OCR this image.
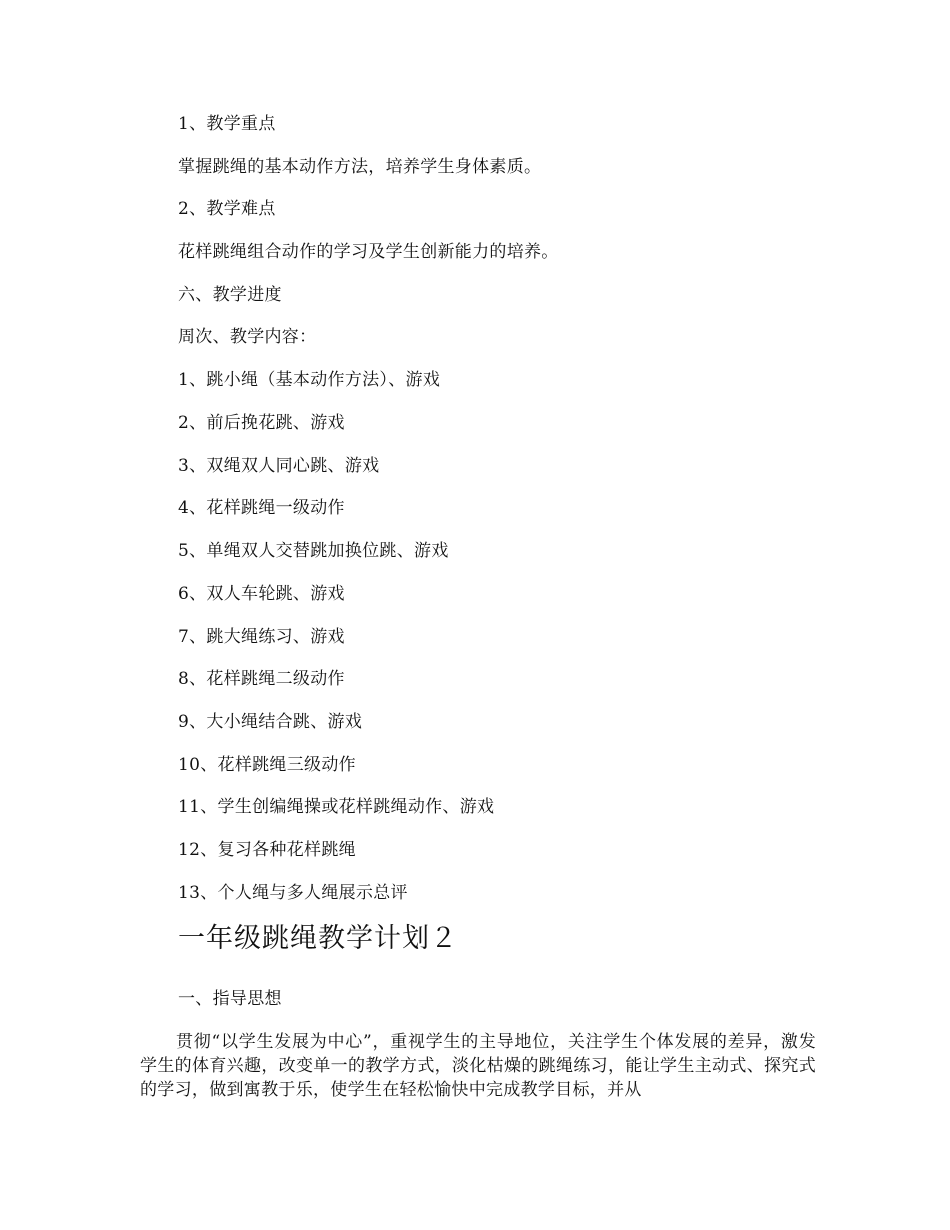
1、教学重点
掌握跳绳的基本动作方法，培养学生身体素质。
2、教学难点
花样跳绳组合动作的学习及学生创新能力的培养。
六、教学进度
周次、教学内容：
1、跳小绳（基本动作方法）、游戏
2、前后挽花跳、游戏
3、双绳双人同心跳、游戏
4、花样跳绳一级动作
5、单绳双人交替跳加换位跳、游戏
6、双人车轮跳、游戏
7、跳大绳练习、游戏
8、花样跳绳二级动作
9、大小绳结合跳、游戏
10、花样跳绳三级动作
11、学生创编绳操或花样跳绳动作、游戏
12、复习各种花样跳绳
13、个人绳与多人绳展示总评
一年级跳绳教学计划２
一、指导思想
贯彻“以学生发展为中心”，重视学生的主导地位，关注学生个体发展的差异，激发学生的体育兴趣，改变单一的教学方式，淡化枯燥的跳绳练习，能让学生主动式、探究式的学习，做到寓教于乐，使学生在轻松愉快中完成教学目标，并从
